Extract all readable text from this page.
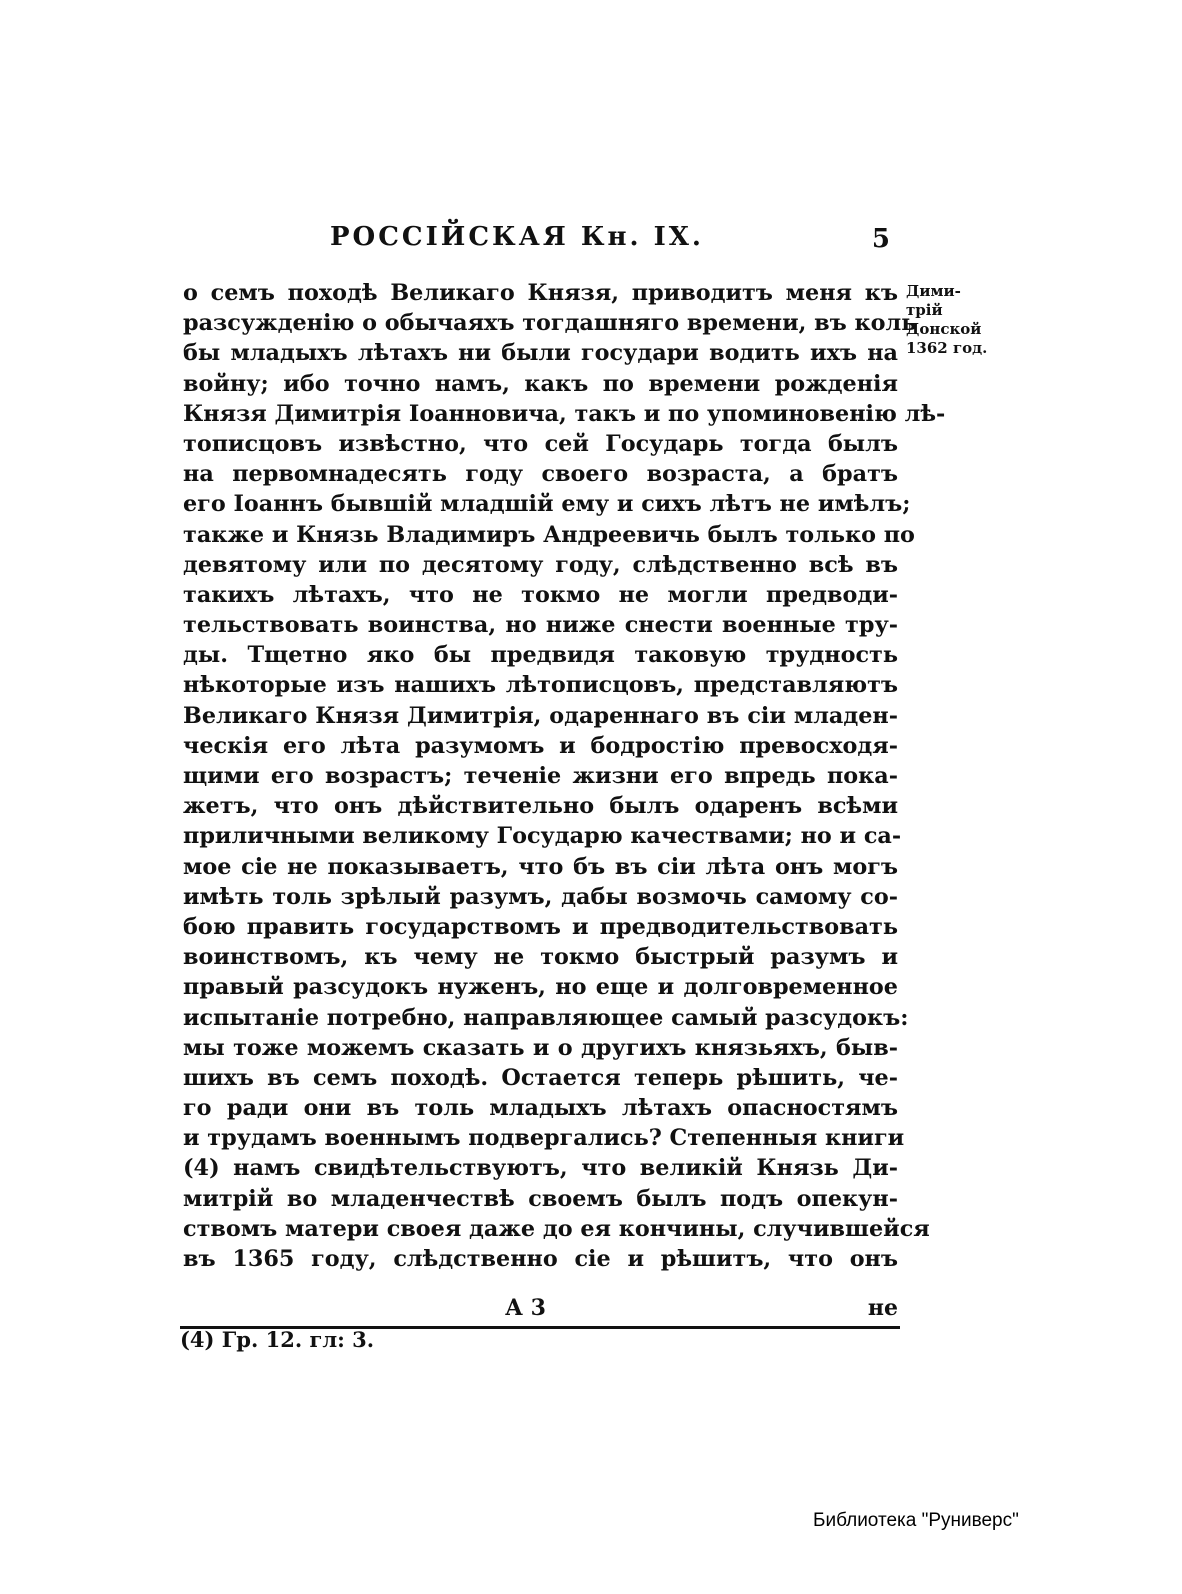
РОССІЙСКАЯ Кн. IX.	5
Дими-
трій
Донской
1362 год.
о семъ походѣ Великаго Князя, приводитъ меня къ
разсужденію о обычаяхъ тогдашняго времени, въ коль
бы младыхъ лѣтахъ ни были государи водить ихъ на
войну; ибо точно намъ, какъ по времени рожденія
Князя Димитрія Іоанновича, такъ и по упоминовенію лѣ-
тописцовъ извѣстно, что сей Государь тогда былъ
на первомнадесять году своего возраста, а братъ
его Іоаннъ бывшій младшій ему и сихъ лѣтъ не имѣлъ;
также и Князь Владимиръ Андреевичь былъ только по
девятому или по десятому году, слѣдственно всѣ въ
такихъ лѣтахъ, что не токмо не могли предводи-
тельствовать воинства, но ниже снести военные тру-
ды. Тщетно яко бы предвидя таковую трудность
нѣкоторые изъ нашихъ лѣтописцовъ, представляютъ
Великаго Князя Димитрія, одареннаго въ сіи младен-
ческія его лѣта разумомъ и бодростію превосходя-
щими его возрастъ; теченіе жизни его впредь пока-
жетъ, что онъ дѣйствительно былъ одаренъ всѣми
приличными великому Государю качествами; но и са-
мое сіе не показываетъ, что бъ въ сіи лѣта онъ могъ
имѣть толь зрѣлый разумъ, дабы возмочь самому со-
бою править государствомъ и предводительствовать
воинствомъ, къ чему не токмо быстрый разумъ и
правый разсудокъ нуженъ, но еще и долговременное
испытаніе потребно, направляющее самый разсудокъ:
мы тоже можемъ сказать и о другихъ князьяхъ, быв-
шихъ въ семъ походѣ. Остается теперь рѣшить, че-
го ради они въ толь младыхъ лѣтахъ опасностямъ
и трудамъ военнымъ подвергались? Степенныя книги
(4) намъ свидѣтельствуютъ, что великій Князь Ди-
митрій во младенчествѣ своемъ былъ подъ опекун-
ствомъ матери своея даже до ея кончины, случившейся
въ 1365 году, слѣдственно сіе и рѣшитъ, что онъ
А 3	не
(4) Гр. 12. гл: 3.
Библиотека "Руниверс"
